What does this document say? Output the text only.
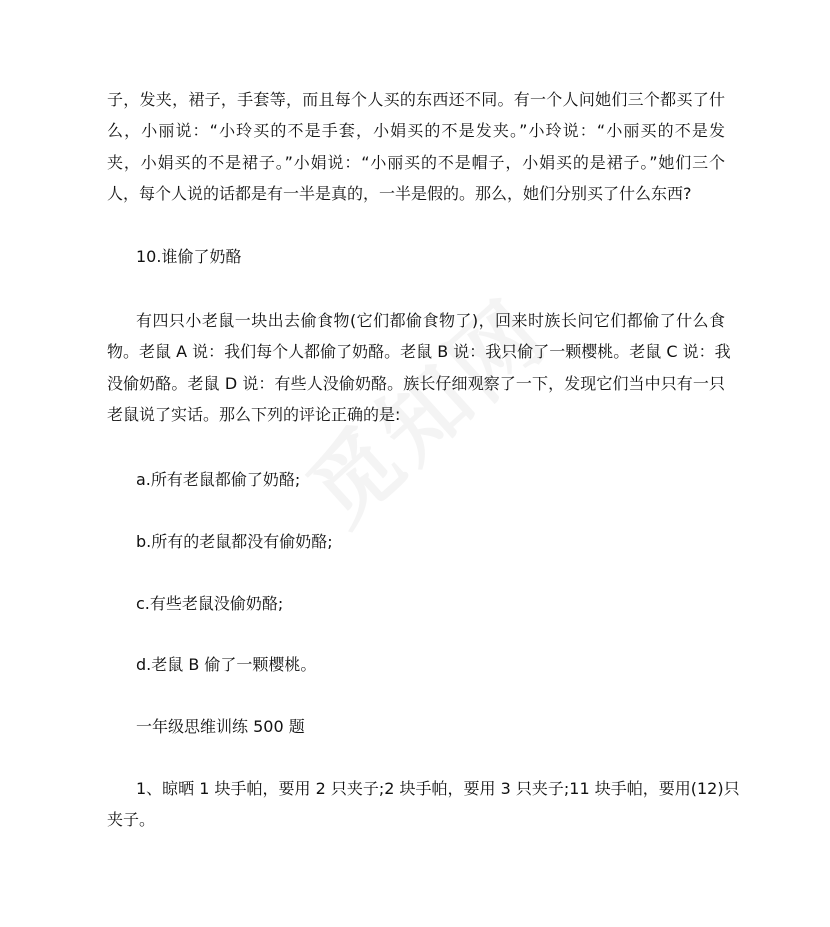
子，发夹，裙子，手套等，而且每个人买的东西还不同。有一个人问她们三个都买了什
么，小丽说：“小玲买的不是手套，小娟买的不是发夹。”小玲说：“小丽买的不是发
夹，小娟买的不是裙子。”小娟说：“小丽买的不是帽子，小娟买的是裙子。”她们三个
人，每个人说的话都是有一半是真的，一半是假的。那么，她们分别买了什么东西?

10.谁偷了奶酪

有四只小老鼠一块出去偷食物(它们都偷食物了)，回来时族长问它们都偷了什么食
物。老鼠 A 说：我们每个人都偷了奶酪。老鼠 B 说：我只偷了一颗樱桃。老鼠 C 说：我
没偷奶酪。老鼠 D 说：有些人没偷奶酪。族长仔细观察了一下，发现它们当中只有一只
老鼠说了实话。那么下列的评论正确的是:

a.所有老鼠都偷了奶酪;

b.所有的老鼠都没有偷奶酪;

c.有些老鼠没偷奶酪;

d.老鼠 B 偷了一颗樱桃。

一年级思维训练 500 题

1、晾晒 1 块手帕，要用 2 只夹子;2 块手帕，要用 3 只夹子;11 块手帕，要用(12)只
夹子。
